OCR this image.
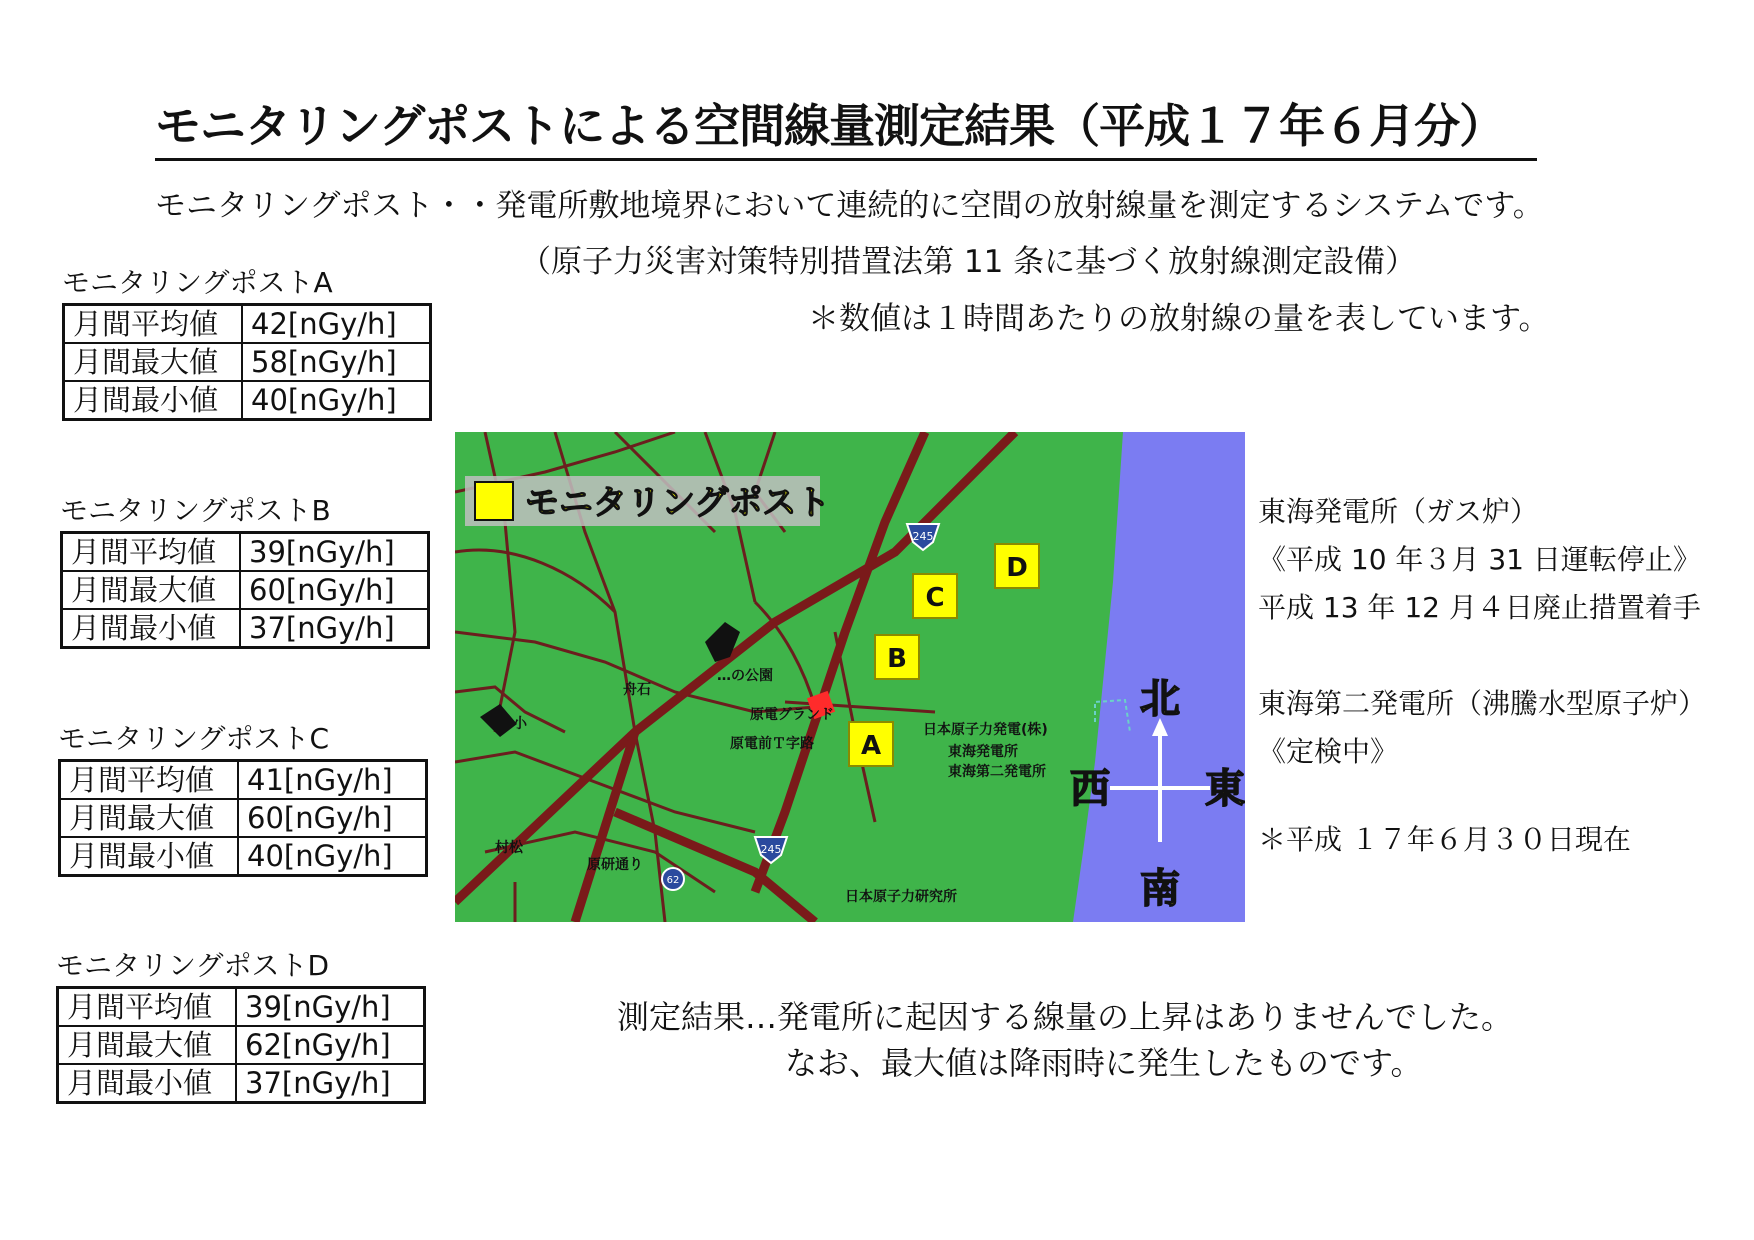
モニタリングポストによる空間線量測定結果（平成１７年６月分）
モニタリングポスト・・発電所敷地境界において連続的に空間の放射線量を測定するシステムです。
（原子力災害対策特別措置法第 11 条に基づく放射線測定設備）
＊数値は１時間あたりの放射線の量を表しています。
モニタリングポストA
月間平均値	42[nGy/h]
月間最大値	58[nGy/h]
月間最小値	40[nGy/h]
モニタリングポストB
月間平均値	39[nGy/h]
月間最大値	60[nGy/h]
月間最小値	37[nGy/h]
モニタリングポストC
月間平均値	41[nGy/h]
月間最大値	60[nGy/h]
月間最小値	40[nGy/h]
モニタリングポストD
月間平均値	39[nGy/h]
月間最大値	62[nGy/h]
月間最小値	37[nGy/h]
モニタリングポスト
245
245
62
D
C
B
A
…の公園
原電グランド
原電前Ｔ字路
日本原子力発電(株)
東海発電所
東海第二発電所
村松
原研通り
日本原子力研究所
小
舟石	北
西 東
南
東海発電所（ガス炉）
《平成 10 年３月 31 日運転停止》
平成 13 年 12 月４日廃止措置着手
東海第二発電所（沸騰水型原子炉）
《定検中》
＊平成 １７年６月３０日現在
測定結果…発電所に起因する線量の上昇はありませんでした。
なお、最大値は降雨時に発生したものです。
